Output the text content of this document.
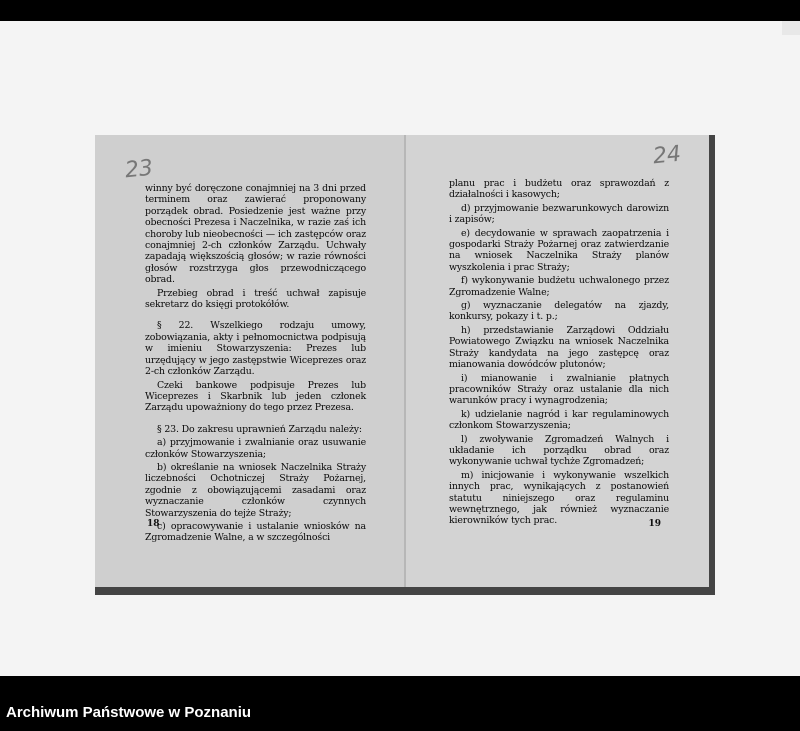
23

winny być doręczone conajmniej na 3 dni przed terminem oraz zawierać proponowany porządek obrad. Posiedzenie jest ważne przy obecności Prezesa i Naczelnika, w razie zaś ich choroby lub nieobecności — ich zastępców oraz conajmniej 2-ch członków Zarządu. Uchwały zapadają większością głosów; w razie równości głosów rozstrzyga głos przewodniczącego obrad.

Przebieg obrad i treść uchwał zapisuje sekretarz do księgi protokółów.

§ 22. Wszelkiego rodzaju umowy, zobowiązania, akty i pełnomocnictwa podpisują w imieniu Stowarzyszenia: Prezes lub urzędujący w jego zastępstwie Wiceprezes oraz 2-ch członków Zarządu.

Czeki bankowe podpisuje Prezes lub Wiceprezes i Skarbnik lub jeden członek Zarządu upoważniony do tego przez Prezesa.

§ 23. Do zakresu uprawnień Zarządu należy:

a) przyjmowanie i zwalnianie oraz usuwanie członków Stowarzyszenia;

b) określanie na wniosek Naczelnika Straży liczebności Ochotniczej Straży Pożarnej, zgodnie z obowiązującemi zasadami oraz wyznaczanie członków czynnych Stowarzyszenia do tejże Straży;

c) opracowywanie i ustalanie wniosków na Zgromadzenie Walne, a w szczególności

18
24

planu prac i budżetu oraz sprawozdań z działalności i kasowych;

d) przyjmowanie bezwarunkowych darowizn i zapisów;

e) decydowanie w sprawach zaopatrzenia i gospodarki Straży Pożarnej oraz zatwierdzanie na wniosek Naczelnika Straży planów wyszkolenia i prac Straży;

f) wykonywanie budżetu uchwalonego przez Zgromadzenie Walne;

g) wyznaczanie delegatów na zjazdy, konkursy, pokazy i t. p.;

h) przedstawianie Zarządowi Oddziału Powiatowego Związku na wniosek Naczelnika Straży kandydata na jego zastępcę oraz mianowania dowódców plutonów;

i) mianowanie i zwalnianie płatnych pracowników Straży oraz ustalanie dla nich warunków pracy i wynagrodzenia;

k) udzielanie nagród i kar regulaminowych członkom Stowarzyszenia;

l) zwoływanie Zgromadzeń Walnych i układanie ich porządku obrad oraz wykonywanie uchwał tychże Zgromadzeń;

m) inicjowanie i wykonywanie wszelkich innych prac, wynikających z postanowień statutu niniejszego oraz regulaminu wewnętrznego, jak również wyznaczanie kierowników tych prac.	19
Archiwum Państwowe w Poznaniu
